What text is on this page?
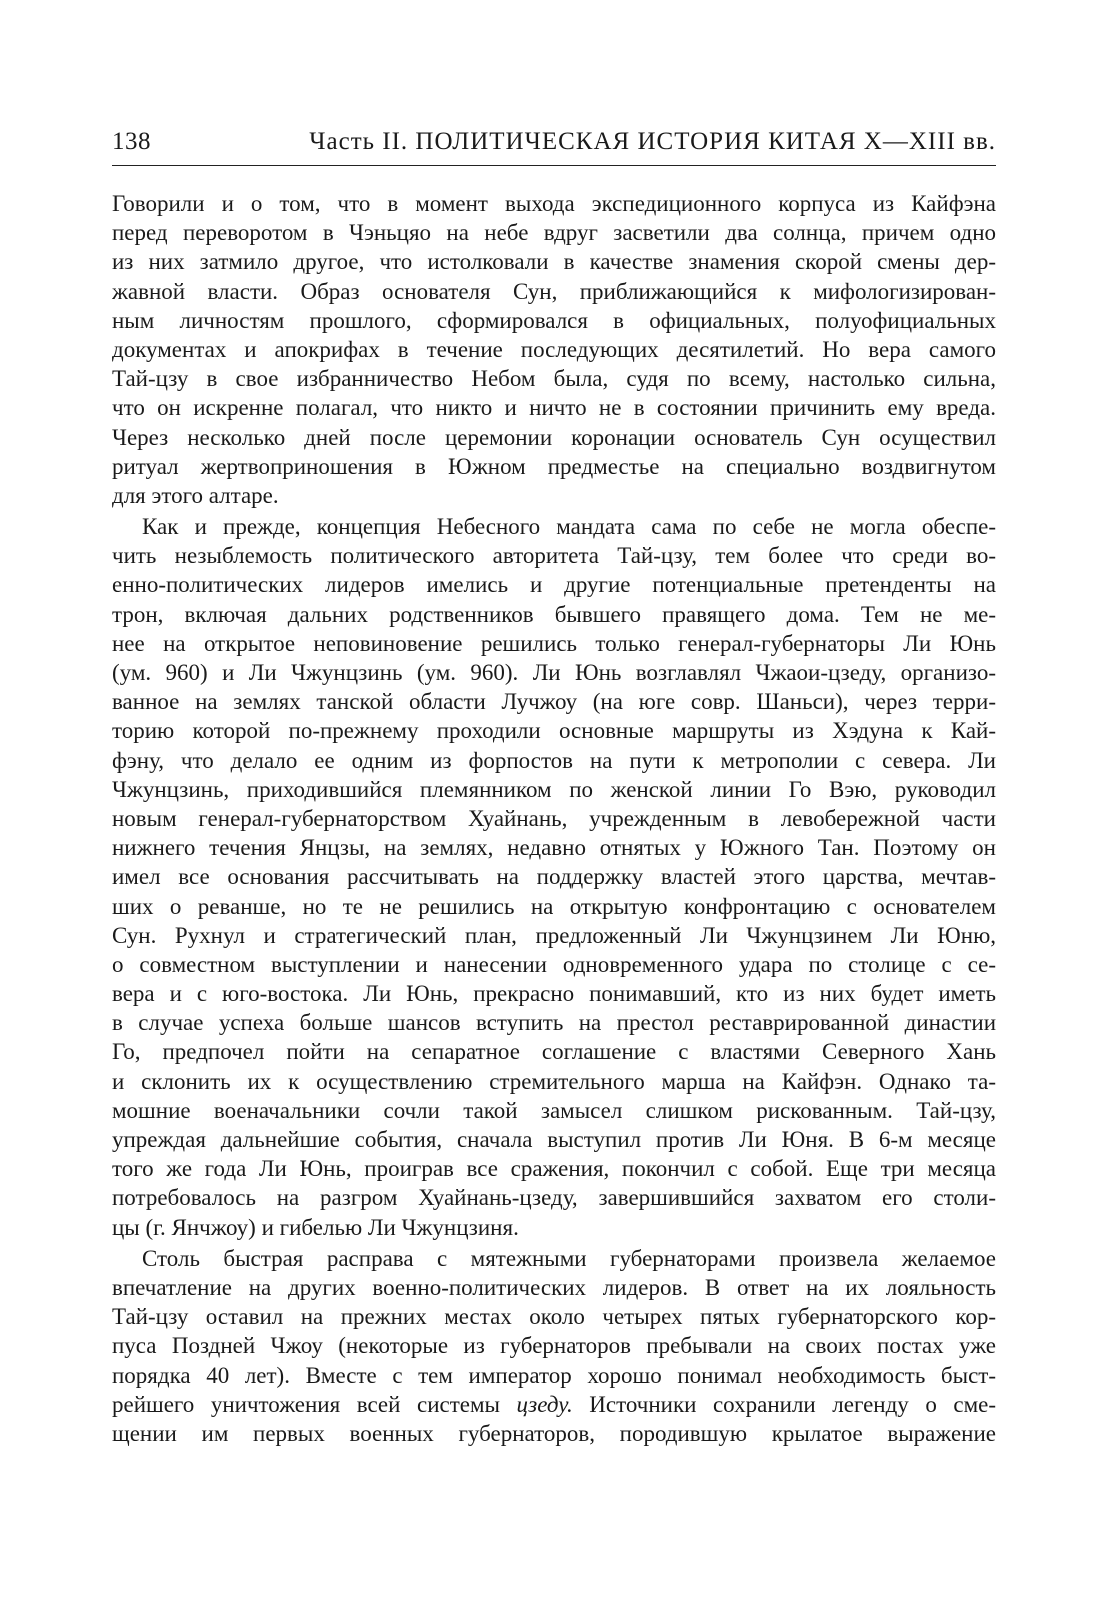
138	Часть II. ПОЛИТИЧЕСКАЯ ИСТОРИЯ КИТАЯ X—XIII вв.
Говорили и о том, что в момент выхода экспедиционного корпуса из Кайфэна
перед переворотом в Чэньцяо на небе вдруг засветили два солнца, причем одно
из них затмило другое, что истолковали в качестве знамения скорой смены дер-
жавной власти. Образ основателя Сун, приближающийся к мифологизирован-
ным личностям прошлого, сформировался в официальных, полуофициальных
документах и апокрифах в течение последующих десятилетий. Но вера самого
Тай-цзу в свое избранничество Небом была, судя по всему, настолько сильна,
что он искренне полагал, что никто и ничто не в состоянии причинить ему вреда.
Через несколько дней после церемонии коронации основатель Сун осуществил
ритуал жертвоприношения в Южном предместье на специально воздвигнутом
для этого алтаре.
Как и прежде, концепция Небесного мандата сама по себе не могла обеспе-
чить незыблемость политического авторитета Тай-цзу, тем более что среди во-
енно-политических лидеров имелись и другие потенциальные претенденты на
трон, включая дальних родственников бывшего правящего дома. Тем не ме-
нее на открытое неповиновение решились только генерал-губернаторы Ли Юнь
(ум. 960) и Ли Чжунцзинь (ум. 960). Ли Юнь возглавлял Чжаои-цзеду, организо-
ванное на землях танской области Лучжоу (на юге совр. Шаньси), через терри-
торию которой по-прежнему проходили основные маршруты из Хэдуна к Кай-
фэну, что делало ее одним из форпостов на пути к метрополии с севера. Ли
Чжунцзинь, приходившийся племянником по женской линии Го Вэю, руководил
новым генерал-губернаторством Хуайнань, учрежденным в левобережной части
нижнего течения Янцзы, на землях, недавно отнятых у Южного Тан. Поэтому он
имел все основания рассчитывать на поддержку властей этого царства, мечтав-
ших о реванше, но те не решились на открытую конфронтацию с основателем
Сун. Рухнул и стратегический план, предложенный Ли Чжунцзинем Ли Юню,
о совместном выступлении и нанесении одновременного удара по столице с се-
вера и с юго-востока. Ли Юнь, прекрасно понимавший, кто из них будет иметь
в случае успеха больше шансов вступить на престол реставрированной династии
Го, предпочел пойти на сепаратное соглашение с властями Северного Хань
и склонить их к осуществлению стремительного марша на Кайфэн. Однако та-
мошние военачальники сочли такой замысел слишком рискованным. Тай-цзу,
упреждая дальнейшие события, сначала выступил против Ли Юня. В 6-м месяце
того же года Ли Юнь, проиграв все сражения, покончил с собой. Еще три месяца
потребовалось на разгром Хуайнань-цзеду, завершившийся захватом его столи-
цы (г. Янчжоу) и гибелью Ли Чжунцзиня.
Столь быстрая расправа с мятежными губернаторами произвела желаемое
впечатление на других военно-политических лидеров. В ответ на их лояльность
Тай-цзу оставил на прежних местах около четырех пятых губернаторского кор-
пуса Поздней Чжоу (некоторые из губернаторов пребывали на своих постах уже
порядка 40 лет). Вместе с тем император хорошо понимал необходимость быст-
рейшего уничтожения всей системы цзеду. Источники сохранили легенду о сме-
щении им первых военных губернаторов, породившую крылатое выражение
